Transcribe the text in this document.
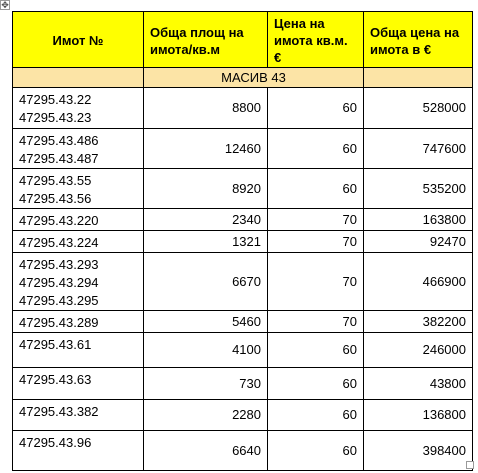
✥
Имот №	Обща площ на имота/кв.м	Цена на имота кв.м. €	Обща цена на имота в €
	МАСИВ 43		

47295.43.22
47295.43.23	8800	60	528000

47295.43.486
47295.43.487	12460	60	747600

47295.43.55
47295.43.56	8920	60	535200

47295.43.220	2340	70	163800

47295.43.224	1321	70	92470

47295.43.293
47295.43.294
47295.43.295	6670	70	466900

47295.43.289	5460	70	382200

47295.43.61	4100	60	246000

47295.43.63	730	60	43800

47295.43.382	2280	60	136800

47295.43.96	6640	60	398400
